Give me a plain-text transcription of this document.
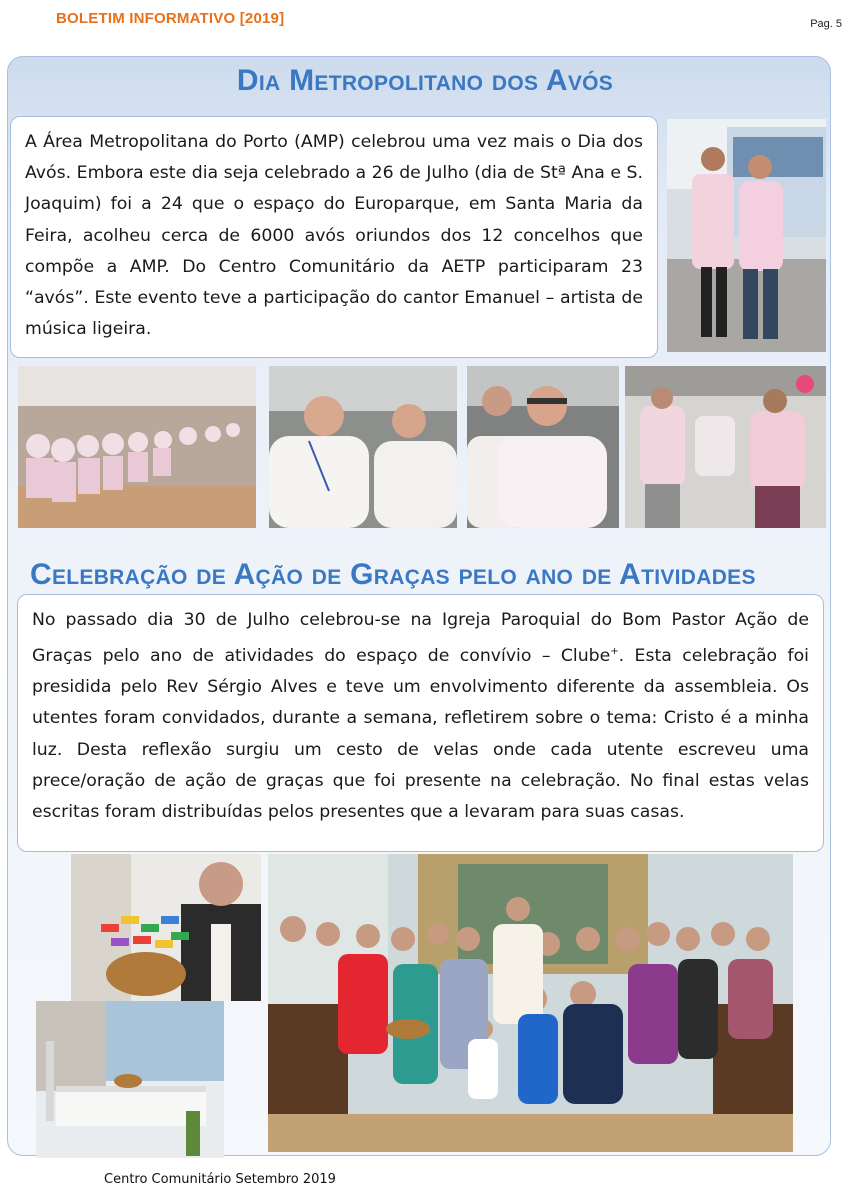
BOLETIM INFORMATIVO [2019]	Pag. 5
Dia Metropolitano dos Avós

A Área Metropolitana do Porto (AMP) celebrou uma vez mais o Dia dos Avós. Embora este dia seja celebrado a 26 de Julho (dia de Stª Ana e S. Joaquim) foi a 24 que o espaço do Europarque, em Santa Maria da Feira, acolheu cerca de 6000 avós oriundos dos 12 concelhos que compõe a AMP. Do Centro Comunitário da AETP participaram 23 “avós”. Este evento teve a participação do cantor Emanuel – artista de música ligeira.

Celebração de Ação de Graças pelo ano de Atividades

No passado dia 30 de Julho celebrou-se na Igreja Paroquial do Bom Pastor Ação de Graças pelo ano de atividades do espaço de convívio – Clube+. Esta celebração foi presidida pelo Rev Sérgio Alves e teve um envolvimento diferente da assembleia. Os utentes foram convidados, durante a semana, refletirem sobre o tema: Cristo é a minha luz. Desta reflexão surgiu um cesto de velas onde cada utente escreveu uma prece/oração de ação de graças que foi presente na celebração. No final estas velas escritas foram distribuídas pelos presentes que a levaram para suas casas.

Centro Comunitário Setembro 2019
